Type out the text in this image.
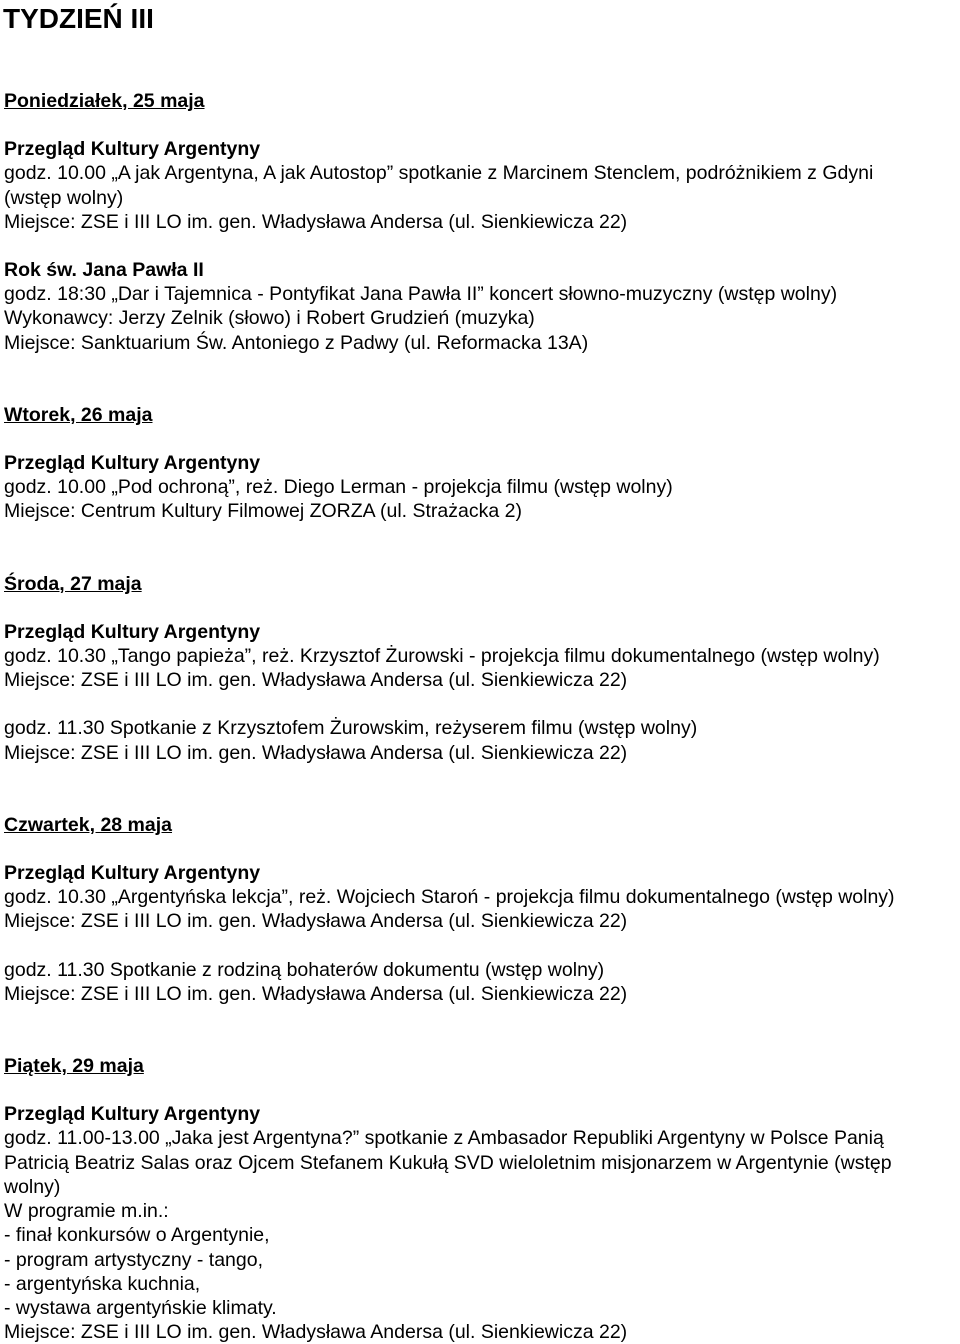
TYDZIEŃ III

Poniedziałek, 25 maja

Przegląd Kultury Argentyny

godz. 10.00 „A jak Argentyna, A jak Autostop” spotkanie z Marcinem Stenclem, podróżnikiem z Gdyni

(wstęp wolny)

Miejsce: ZSE i III LO im. gen. Władysława Andersa (ul. Sienkiewicza 22)

Rok św. Jana Pawła II

godz. 18:30 „Dar i Tajemnica - Pontyfikat Jana Pawła II” koncert słowno-muzyczny (wstęp wolny)

Wykonawcy: Jerzy Zelnik (słowo) i Robert Grudzień (muzyka)

Miejsce: Sanktuarium Św. Antoniego z Padwy (ul. Reformacka 13A)

Wtorek, 26 maja

Przegląd Kultury Argentyny

godz. 10.00 „Pod ochroną”, reż. Diego Lerman - projekcja filmu (wstęp wolny)

Miejsce: Centrum Kultury Filmowej ZORZA (ul. Strażacka 2)

Środa, 27 maja

Przegląd Kultury Argentyny

godz. 10.30 „Tango papieża”, reż. Krzysztof Żurowski - projekcja filmu dokumentalnego (wstęp wolny)

Miejsce: ZSE i III LO im. gen. Władysława Andersa (ul. Sienkiewicza 22)

godz. 11.30 Spotkanie z Krzysztofem Żurowskim, reżyserem filmu (wstęp wolny)

Miejsce: ZSE i III LO im. gen. Władysława Andersa (ul. Sienkiewicza 22)

Czwartek, 28 maja

Przegląd Kultury Argentyny

godz. 10.30 „Argentyńska lekcja”, reż. Wojciech Staroń - projekcja filmu dokumentalnego (wstęp wolny)

Miejsce: ZSE i III LO im. gen. Władysława Andersa (ul. Sienkiewicza 22)

godz. 11.30 Spotkanie z rodziną bohaterów dokumentu (wstęp wolny)

Miejsce: ZSE i III LO im. gen. Władysława Andersa (ul. Sienkiewicza 22)

Piątek, 29 maja

Przegląd Kultury Argentyny

godz. 11.00-13.00 „Jaka jest Argentyna?” spotkanie z Ambasador Republiki Argentyny w Polsce Panią

Patricią Beatriz Salas oraz Ojcem Stefanem Kukułą SVD wieloletnim misjonarzem w Argentynie (wstęp

wolny)

W programie m.in.:

- finał konkursów o Argentynie,

- program artystyczny - tango,

- argentyńska kuchnia,

- wystawa argentyńskie klimaty.

Miejsce: ZSE i III LO im. gen. Władysława Andersa (ul. Sienkiewicza 22)
